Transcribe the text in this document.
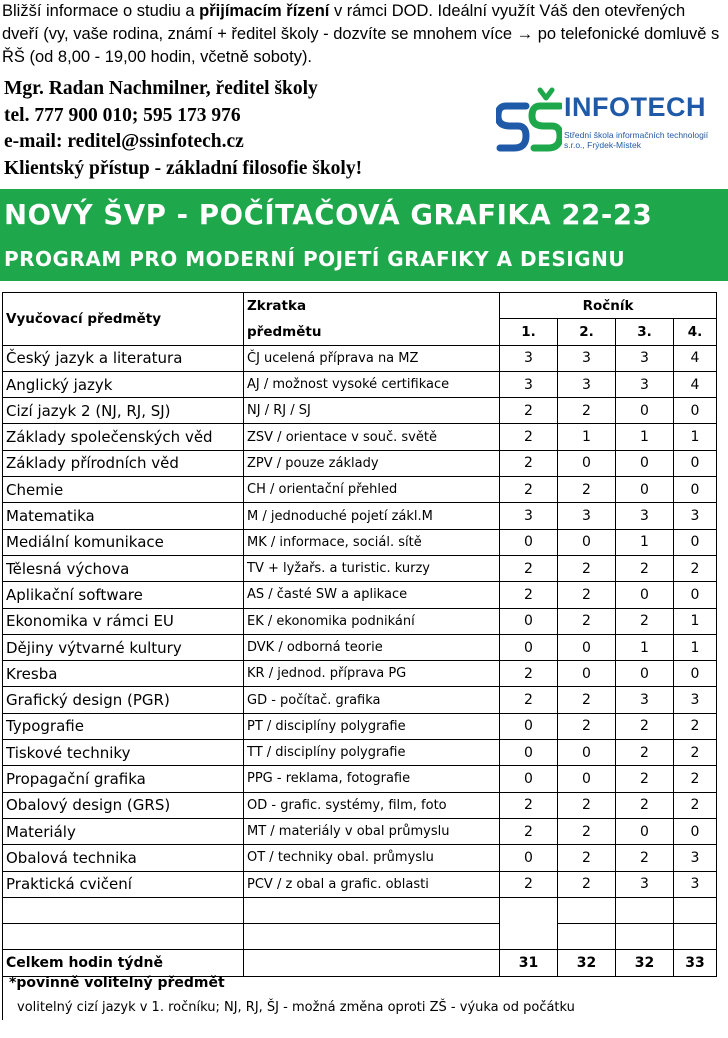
Bližší informace o studiu a přijímacím řízení v rámci DOD. Ideální využít Váš den otevřených dveří (vy, vaše rodina, známí + ředitel školy - dozvíte se mnohem více → po telefonické domluvě s ŘŠ (od 8,00 - 19,00 hodin, včetně soboty).

Mgr. Radan Nachmilner, ředitel školy
tel. 777 900 010; 595 173 976
e-mail: reditel@ssinfotech.cz
Klientský přístup - základní filosofie školy!
INFOTECH
Střední škola informačních technologií s.r.o., Frýdek-Místek
NOVÝ ŠVP - POČÍTAČOVÁ GRAFIKA 22-23
PROGRAM PRO MODERNÍ POJETÍ GRAFIKY A DESIGNU
Vyučovací předměty	Zkratka	Ročník			
	předmětu	1.	2.	3.	4.
Český jazyk a literatura	ČJ ucelená příprava na MZ	3	3	3	4
Anglický jazyk	AJ / možnost vysoké certifikace	3	3	3	4
Cizí jazyk 2 (NJ, RJ, SJ)	NJ / RJ / SJ	2	2	0	0
Základy společenských věd	ZSV / orientace v souč. světě	2	1	1	1
Základy přírodních věd	ZPV / pouze základy	2	0	0	0
Chemie	CH / orientační přehled	2	2	0	0
Matematika	M / jednoduché pojetí zákl.M	3	3	3	3
Mediální komunikace	MK / informace, sociál. sítě	0	0	1	0
Tělesná výchova	TV + lyžařs. a turistic. kurzy	2	2	2	2
Aplikační software	AS / časté SW a aplikace	2	2	0	0
Ekonomika v rámci EU	EK / ekonomika podnikání	0	2	2	1
Dějiny výtvarné kultury	DVK / odborná teorie	0	0	1	1
Kresba	KR / jednod. příprava PG	2	0	0	0
Grafický design (PGR)	GD - počítač. grafika	2	2	3	3
Typografie	PT / disciplíny polygrafie	0	2	2	2
Tiskové techniky	TT / disciplíny polygrafie	0	0	2	2
Propagační grafika	PPG - reklama, fotografie	0	0	2	2
Obalový design (GRS)	OD - grafic. systémy, film, foto	2	2	2	2
Materiály	MT / materiály v obal průmyslu	2	2	0	0
Obalová technika	OT / techniky obal. průmyslu	0	2	2	3
Praktická cvičení	PCV / z obal a grafic. oblasti	2	2	3	3

Celkem hodin týdně		31	32	32	33
*povinně volitelný předmět
volitelný cizí jazyk v 1. ročníku; NJ, RJ, ŠJ - možná změna oproti ZŠ - výuka od počátku
